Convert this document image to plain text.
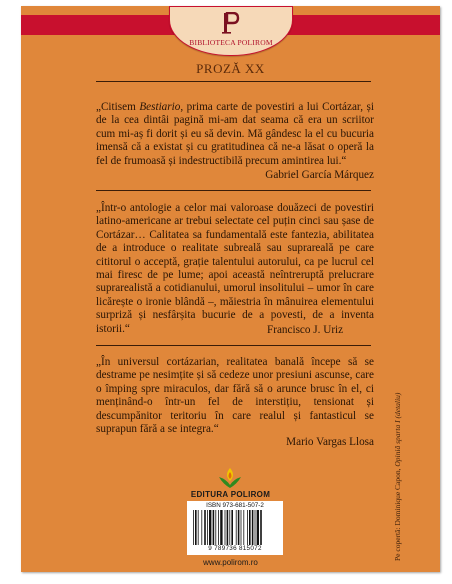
BIBLIOTECA POLIROM
PROZĂ XX
„Citisem Bestiario, prima carte de povestiri a lui Cortázar, și de la cea dintâi pagină mi-am dat seama că era un scriitor cum mi-aș fi dorit și eu să devin. Mă gândesc la el cu bucuria imensă că a existat și cu gratitudinea că ne-a lăsat o operă la fel de frumoasă și indestructibilă precum amintirea lui.“
Gabriel García Márquez
„Într-o antologie a celor mai valoroase douăzeci de povestiri latino-americane ar trebui selectate cel puțin cinci sau șase de Cortázar… Calitatea sa fundamentală este fantezia, abilitatea de a introduce o realitate subreală sau suprareală pe care cititorul o acceptă, grație talentului autorului, ca pe lucrul cel mai firesc de pe lume; apoi această neîntreruptă prelucrare suprarealistă a cotidianului, umorul insolitului – umor în care licărește o ironie blândă –, măiestria în mânuirea elementului surpriză și nesfârșita bucurie de a povesti, de a inventa istorii.“	Francisco J. Uriz
„În universul cortázarian, realitatea banală începe să se destrame pe nesimțite și să cedeze unor presiuni ascunse, care o împing spre miraculos, dar fără să o arunce brusc în el, ci menținând-o într-un fel de interstițiu, tensionat și descumpănitor teritoriu în care realul și fantasticul se suprapun fără a se integra.“
Mario Vargas Llosa
Pe copertă: Dominique Capon, Opiniă sparta I (detaliu)
EDITURA POLIROM
ISBN 973-681-507-2
9 789736 815072
www.polirom.ro
